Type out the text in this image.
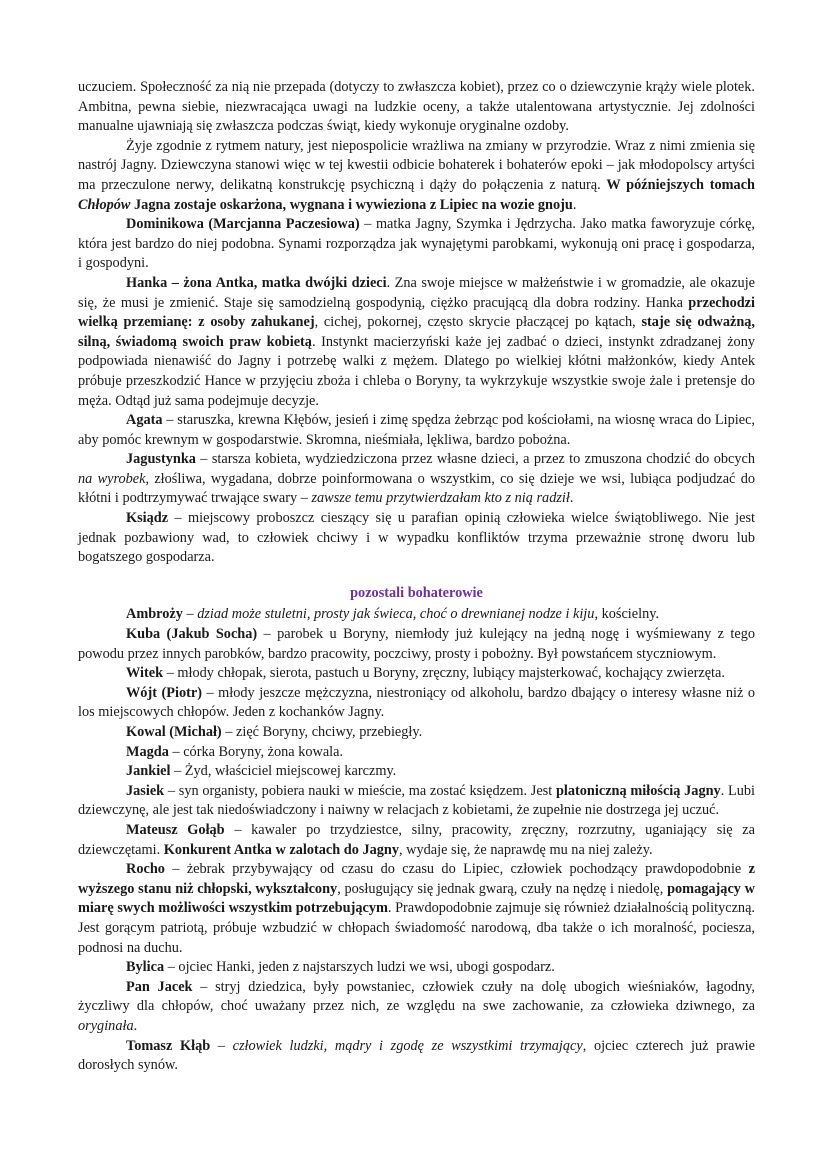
uczuciem. Społeczność za nią nie przepada (dotyczy to zwłaszcza kobiet), przez co o dziewczynie krąży wiele plotek. Ambitna, pewna siebie, niezwracająca uwagi na ludzkie oceny, a także utalentowana artystycznie. Jej zdolności manualne ujawniają się zwłaszcza podczas świąt, kiedy wykonuje oryginalne ozdoby.

Żyje zgodnie z rytmem natury, jest niepospolicie wrażliwa na zmiany w przyrodzie. Wraz z nimi zmienia się nastrój Jagny. Dziewczyna stanowi więc w tej kwestii odbicie bohaterek i bohaterów epoki – jak młodopolscy artyści ma przeczulone nerwy, delikatną konstrukcję psychiczną i dąży do połączenia z naturą. W późniejszych tomach Chłopów Jagna zostaje oskarżona, wygnana i wywieziona z Lipiec na wozie gnoju.

Dominikowa (Marcjanna Paczesiowa) – matka Jagny, Szymka i Jędrzycha. Jako matka faworyzuje córkę, która jest bardzo do niej podobna. Synami rozporządza jak wynajętymi parobkami, wykonują oni pracę i gospodarza, i gospodyni.

Hanka – żona Antka, matka dwójki dzieci. Zna swoje miejsce w małżeństwie i w gromadzie, ale okazuje się, że musi je zmienić. Staje się samodzielną gospodynią, ciężko pracującą dla dobra rodziny. Hanka przechodzi wielką przemianę: z osoby zahukanej, cichej, pokornej, często skrycie płaczącej po kątach, staje się odważną, silną, świadomą swoich praw kobietą. Instynkt macierzyński każe jej zadbać o dzieci, instynkt zdradzanej żony podpowiada nienawiść do Jagny i potrzebę walki z mężem. Dlatego po wielkiej kłótni małżonków, kiedy Antek próbuje przeszkodzić Hance w przyjęciu zboża i chleba o Boryny, ta wykrzykuje wszystkie swoje żale i pretensje do męża. Odtąd już sama podejmuje decyzje.

Agata – staruszka, krewna Kłębów, jesień i zimę spędza żebrząc pod kościołami, na wiosnę wraca do Lipiec, aby pomóc krewnym w gospodarstwie. Skromna, nieśmiała, lękliwa, bardzo pobożna.

Jagustynka – starsza kobieta, wydziedziczona przez własne dzieci, a przez to zmuszona chodzić do obcych na wyrobek, złośliwa, wygadana, dobrze poinformowana o wszystkim, co się dzieje we wsi, lubiąca podjudzać do kłótni i podtrzymywać trwające swary – zawsze temu przytwierdzałam kto z nią radził.

Ksiądz – miejscowy proboszcz cieszący się u parafian opinią człowieka wielce świątobliwego. Nie jest jednak pozbawiony wad, to człowiek chciwy i w wypadku konfliktów trzyma przeważnie stronę dworu lub bogatszego gospodarza.

pozostali bohaterowie

Ambroży – dziad może stuletni, prosty jak świeca, choć o drewnianej nodze i kiju, kościelny.

Kuba (Jakub Socha) – parobek u Boryny, niemłody już kulejący na jedną nogę i wyśmiewany z tego powodu przez innych parobków, bardzo pracowity, poczciwy, prosty i pobożny. Był powstańcem styczniowym.

Witek – młody chłopak, sierota, pastuch u Boryny, zręczny, lubiący majsterkować, kochający zwierzęta.

Wójt (Piotr) – młody jeszcze mężczyzna, niestroniący od alkoholu, bardzo dbający o interesy własne niż o los miejscowych chłopów. Jeden z kochanków Jagny.

Kowal (Michał) – zięć Boryny, chciwy, przebiegły.

Magda – córka Boryny, żona kowala.

Jankiel – Żyd, właściciel miejscowej karczmy.

Jasiek – syn organisty, pobiera nauki w mieście, ma zostać księdzem. Jest platoniczną miłością Jagny. Lubi dziewczynę, ale jest tak niedoświadczony i naiwny w relacjach z kobietami, że zupełnie nie dostrzega jej uczuć.

Mateusz Gołąb – kawaler po trzydziestce, silny, pracowity, zręczny, rozrzutny, uganiający się za dziewczętami. Konkurent Antka w zalotach do Jagny, wydaje się, że naprawdę mu na niej zależy.

Rocho – żebrak przybywający od czasu do czasu do Lipiec, człowiek pochodzący prawdopodobnie z wyższego stanu niż chłopski, wykształcony, posługujący się jednak gwarą, czuły na nędzę i niedolę, pomagający w miarę swych możliwości wszystkim potrzebującym. Prawdopodobnie zajmuje się również działalnością polityczną. Jest gorącym patriotą, próbuje wzbudzić w chłopach świadomość narodową, dba także o ich moralność, pociesza, podnosi na duchu.

Bylica – ojciec Hanki, jeden z najstarszych ludzi we wsi, ubogi gospodarz.

Pan Jacek – stryj dziedzica, były powstaniec, człowiek czuły na dolę ubogich wieśniaków, łagodny, życzliwy dla chłopów, choć uważany przez nich, ze względu na swe zachowanie, za człowieka dziwnego, za oryginała.

Tomasz Kłąb – człowiek ludzki, mądry i zgodę ze wszystkimi trzymający, ojciec czterech już prawie dorosłych synów.
